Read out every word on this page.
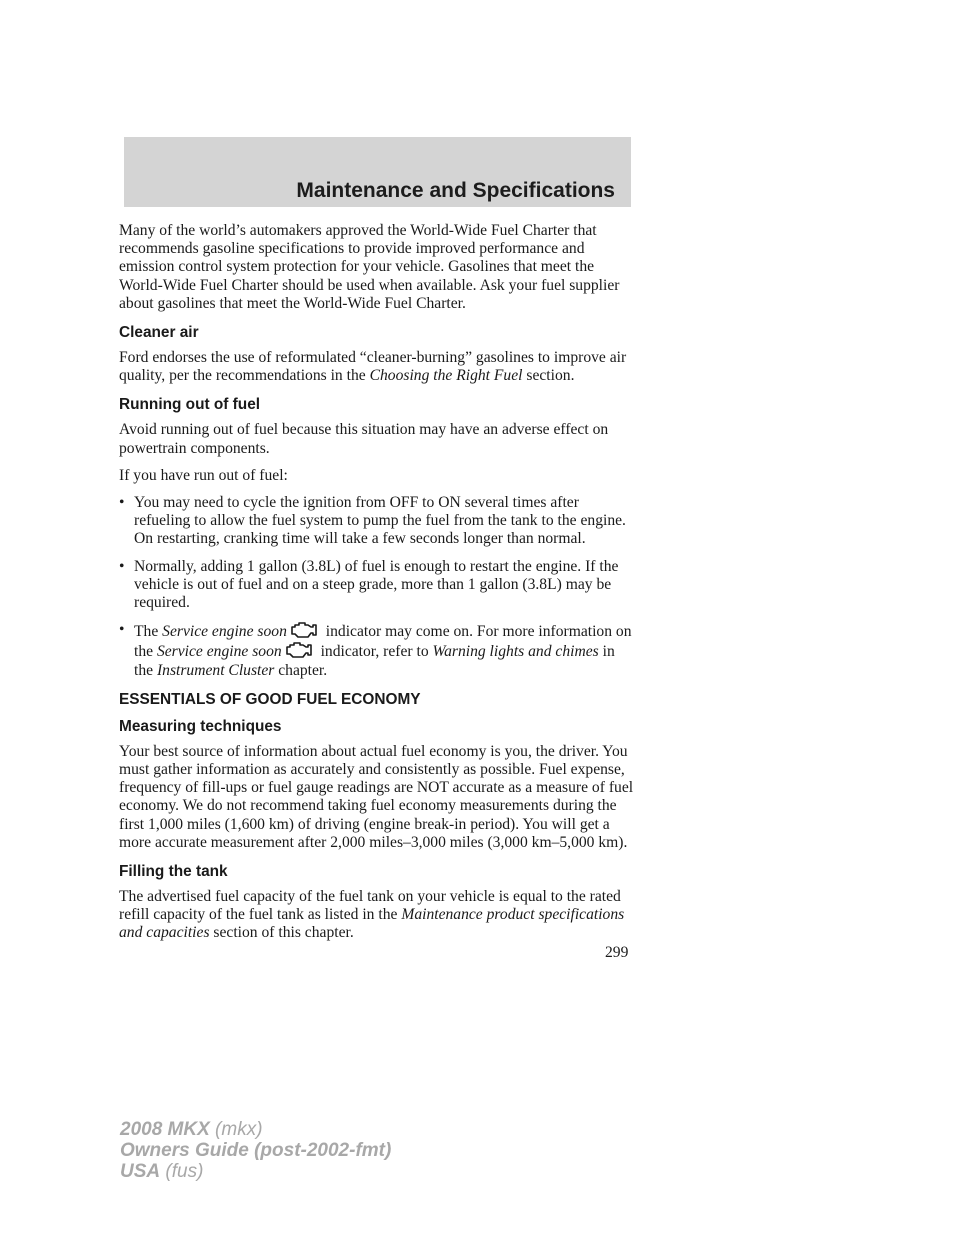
Maintenance and Specifications

Many of the world’s automakers approved the World-Wide Fuel Charter that recommends gasoline specifications to provide improved performance and emission control system protection for your vehicle. Gasolines that meet the World-Wide Fuel Charter should be used when available. Ask your fuel supplier about gasolines that meet the World-Wide Fuel Charter.

Cleaner air

Ford endorses the use of reformulated “cleaner-burning” gasolines to improve air quality, per the recommendations in the Choosing the Right Fuel section.

Running out of fuel

Avoid running out of fuel because this situation may have an adverse effect on powertrain components.

If you have run out of fuel:

• You may need to cycle the ignition from OFF to ON several times after refueling to allow the fuel system to pump the fuel from the tank to the engine. On restarting, cranking time will take a few seconds longer than normal.
• Normally, adding 1 gallon (3.8L) of fuel is enough to restart the engine. If the vehicle is out of fuel and on a steep grade, more than 1 gallon (3.8L) may be required.
• The Service engine soon indicator may come on. For more information on the Service engine soon indicator, refer to Warning lights and chimes in the Instrument Cluster chapter.
ESSENTIALS OF GOOD FUEL ECONOMY
Measuring techniques

Your best source of information about actual fuel economy is you, the driver. You must gather information as accurately and consistently as possible. Fuel expense, frequency of fill-ups or fuel gauge readings are NOT accurate as a measure of fuel economy. We do not recommend taking fuel economy measurements during the first 1,000 miles (1,600 km) of driving (engine break-in period). You will get a more accurate measurement after 2,000 miles–3,000 miles (3,000 km–5,000 km).

Filling the tank

The advertised fuel capacity of the fuel tank on your vehicle is equal to the rated refill capacity of the fuel tank as listed in the Maintenance product specifications and capacities section of this chapter.

299
2008 MKX (mkx)
Owners Guide (post-2002-fmt)
USA (fus)
